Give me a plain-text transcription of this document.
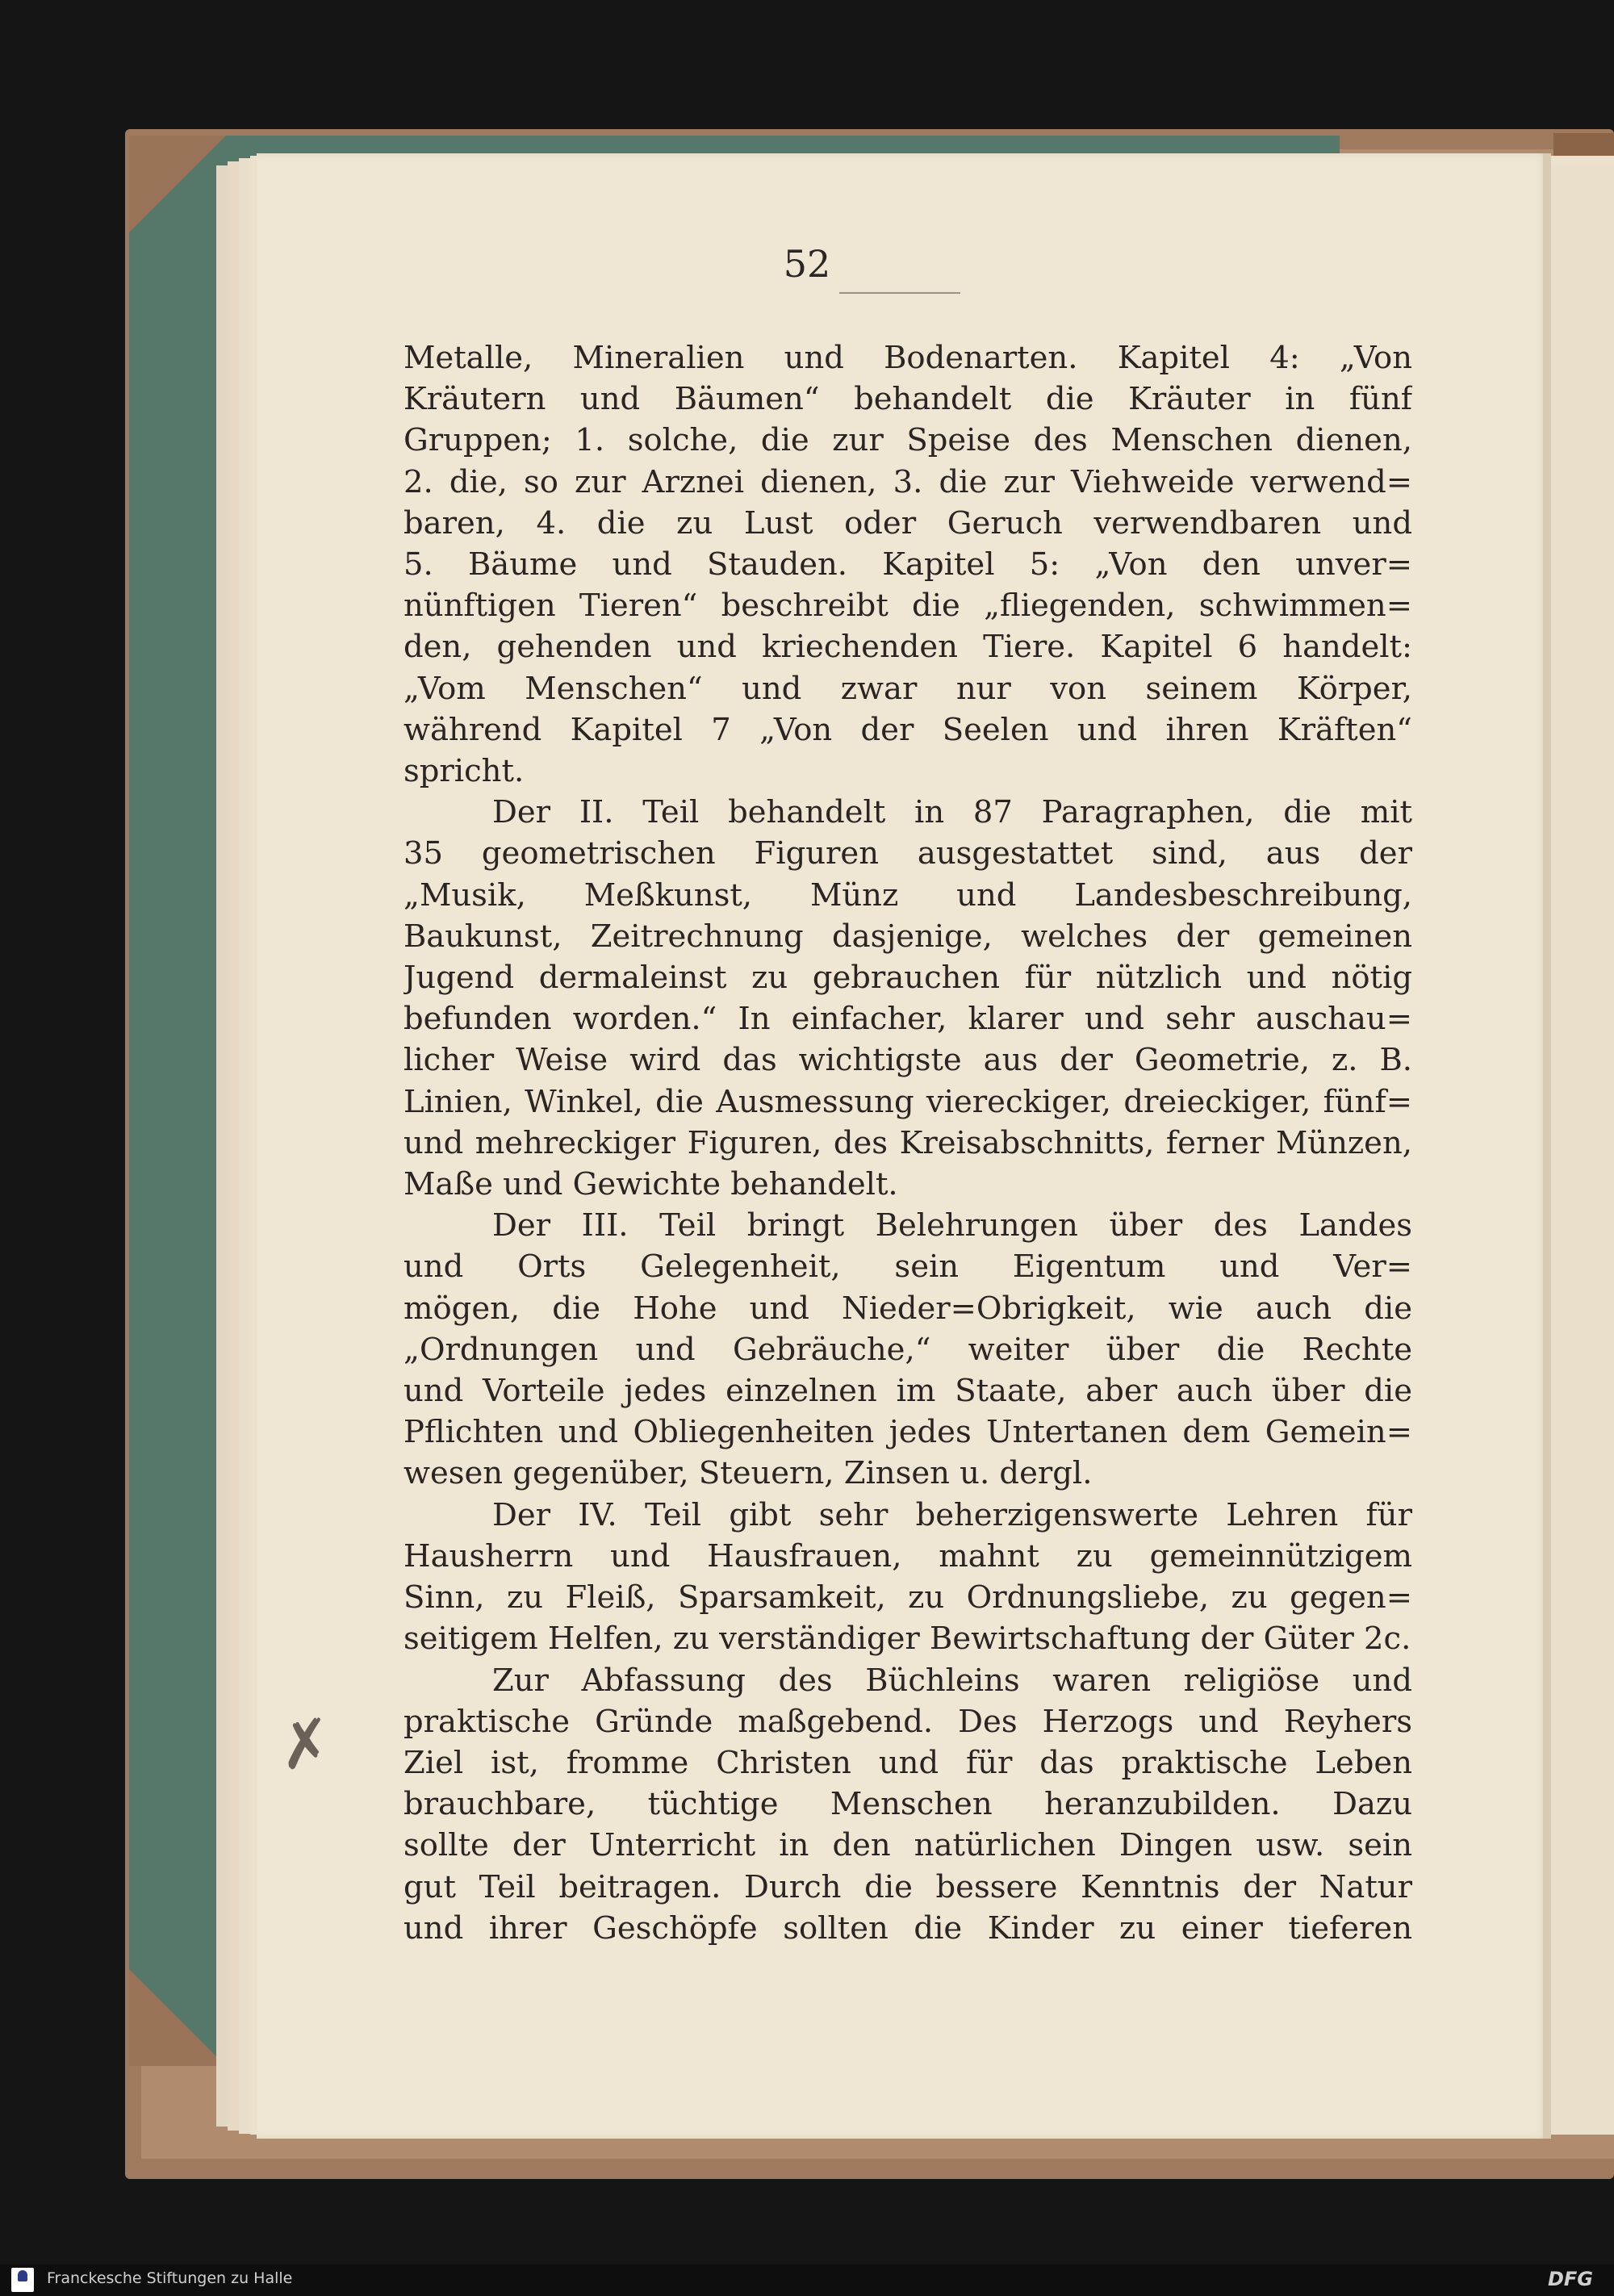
52
Metalle, Mineralien und Bodenarten. Kapitel 4: „Von
Kräutern und Bäumen“ behandelt die Kräuter in fünf
Gruppen; 1. solche, die zur Speise des Menschen dienen,
2. die, so zur Arznei dienen, 3. die zur Viehweide verwend=
baren, 4. die zu Lust oder Geruch verwendbaren und
5. Bäume und Stauden. Kapitel 5: „Von den unver=
nünftigen Tieren“ beschreibt die „fliegenden, schwimmen=
den, gehenden und kriechenden Tiere. Kapitel 6 handelt:
„Vom Menschen“ und zwar nur von seinem Körper,
während Kapitel 7 „Von der Seelen und ihren Kräften“
spricht.
Der II. Teil behandelt in 87 Paragraphen, die mit
35 geometrischen Figuren ausgestattet sind, aus der
„Musik, Meßkunst, Münz und Landesbeschreibung,
Baukunst, Zeitrechnung dasjenige, welches der gemeinen
Jugend dermaleinst zu gebrauchen für nützlich und nötig
befunden worden.“ In einfacher, klarer und sehr auschau=
licher Weise wird das wichtigste aus der Geometrie, z. B.
Linien, Winkel, die Ausmessung viereckiger, dreieckiger, fünf=
und mehreckiger Figuren, des Kreisabschnitts, ferner Münzen,
Maße und Gewichte behandelt.
Der III. Teil bringt Belehrungen über des Landes
und Orts Gelegenheit, sein Eigentum und Ver=
mögen, die Hohe und Nieder=Obrigkeit, wie auch die
„Ordnungen und Gebräuche,“ weiter über die Rechte
und Vorteile jedes einzelnen im Staate, aber auch über die
Pflichten und Obliegenheiten jedes Untertanen dem Gemein=
wesen gegenüber, Steuern, Zinsen u. dergl.
Der IV. Teil gibt sehr beherzigenswerte Lehren für
Hausherrn und Hausfrauen, mahnt zu gemeinnützigem
Sinn, zu Fleiß, Sparsamkeit, zu Ordnungsliebe, zu gegen=
seitigem Helfen, zu verständiger Bewirtschaftung der Güter 2c.
Zur Abfassung des Büchleins waren religiöse und
praktische Gründe maßgebend. Des Herzogs und Reyhers
Ziel ist, fromme Christen und für das praktische Leben
brauchbare, tüchtige Menschen heranzubilden. Dazu
sollte der Unterricht in den natürlichen Dingen usw. sein
gut Teil beitragen. Durch die bessere Kenntnis der Natur
und ihrer Geschöpfe sollten die Kinder zu einer tieferen
✗
Franckesche Stiftungen zu Halle	DFG
